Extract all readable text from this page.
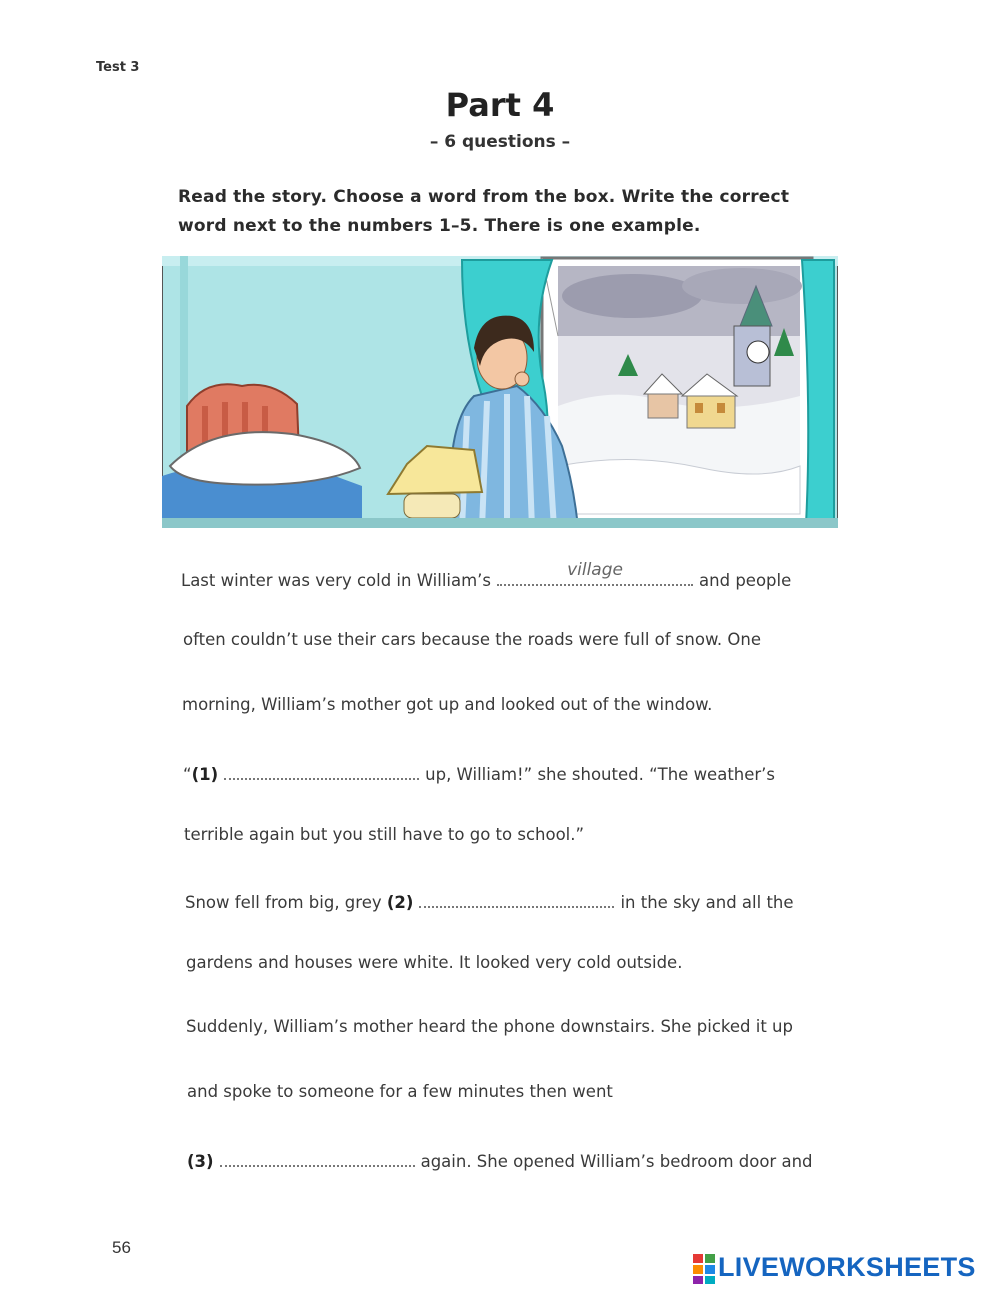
Test 3
Part 4
– 6 questions –
Read the story. Choose a word from the box. Write the correct
word next to the numbers 1–5. There is one example.
Last winter was very cold in William’s
village
and people
often couldn’t use their cars because the roads were full of snow. One
morning, William’s mother got up and looked out of the window.
“(1)	up, William!” she shouted. “The weather’s
terrible again but you still have to go to school.”
Snow fell from big, grey (2)	in the sky and all the
gardens and houses were white. It looked very cold outside.
Suddenly, William’s mother heard the phone downstairs. She picked it up
and spoke to someone for a few minutes then went
(3)	again. She opened William’s bedroom door and
56
LIVEWORKSHEETS
